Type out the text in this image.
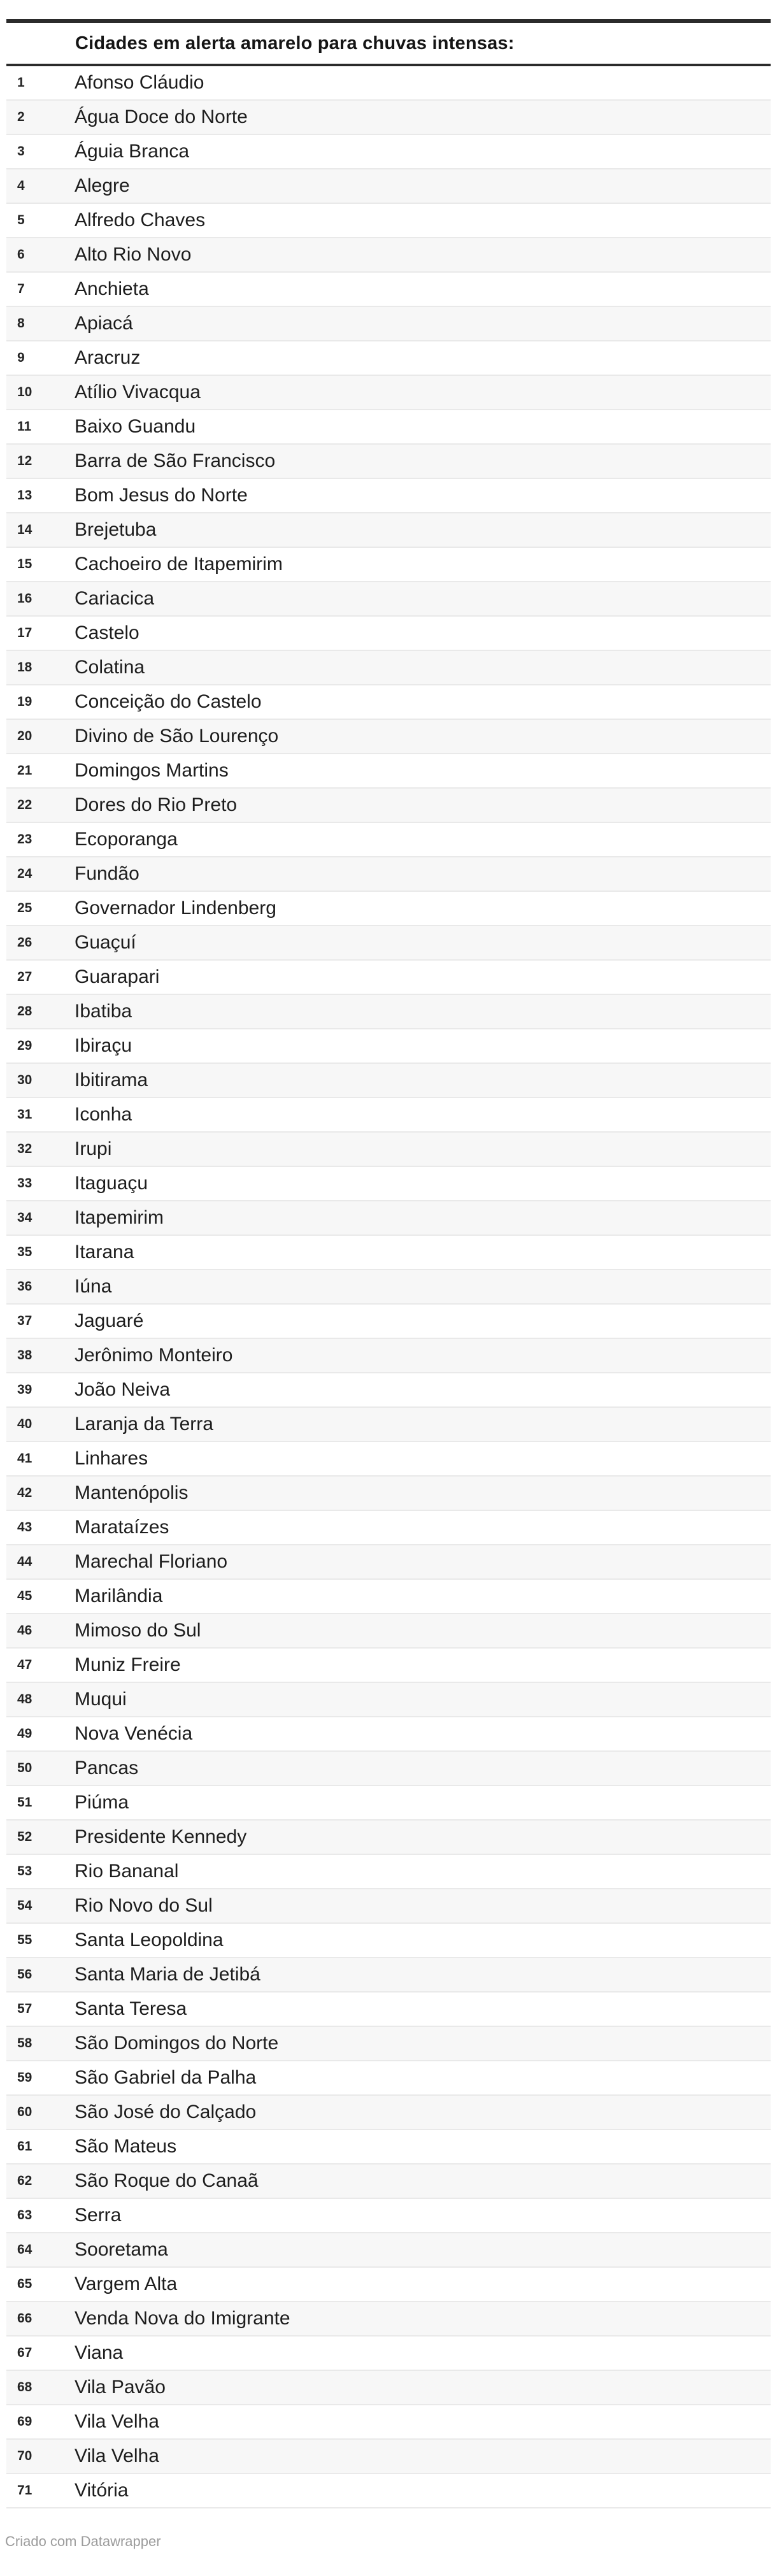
Cidades em alerta amarelo para chuvas intensas:
1	Afonso Cláudio
2	Água Doce do Norte
3	Águia Branca
4	Alegre
5	Alfredo Chaves
6	Alto Rio Novo
7	Anchieta
8	Apiacá
9	Aracruz
10	Atílio Vivacqua
11	Baixo Guandu
12	Barra de São Francisco
13	Bom Jesus do Norte
14	Brejetuba
15	Cachoeiro de Itapemirim
16	Cariacica
17	Castelo
18	Colatina
19	Conceição do Castelo
20	Divino de São Lourenço
21	Domingos Martins
22	Dores do Rio Preto
23	Ecoporanga
24	Fundão
25	Governador Lindenberg
26	Guaçuí
27	Guarapari
28	Ibatiba
29	Ibiraçu
30	Ibitirama
31	Iconha
32	Irupi
33	Itaguaçu
34	Itapemirim
35	Itarana
36	Iúna
37	Jaguaré
38	Jerônimo Monteiro
39	João Neiva
40	Laranja da Terra
41	Linhares
42	Mantenópolis
43	Marataízes
44	Marechal Floriano
45	Marilândia
46	Mimoso do Sul
47	Muniz Freire
48	Muqui
49	Nova Venécia
50	Pancas
51	Piúma
52	Presidente Kennedy
53	Rio Bananal
54	Rio Novo do Sul
55	Santa Leopoldina
56	Santa Maria de Jetibá
57	Santa Teresa
58	São Domingos do Norte
59	São Gabriel da Palha
60	São José do Calçado
61	São Mateus
62	São Roque do Canaã
63	Serra
64	Sooretama
65	Vargem Alta
66	Venda Nova do Imigrante
67	Viana
68	Vila Pavão
69	Vila Velha
70	Vila Velha
71	Vitória
Criado com Datawrapper
